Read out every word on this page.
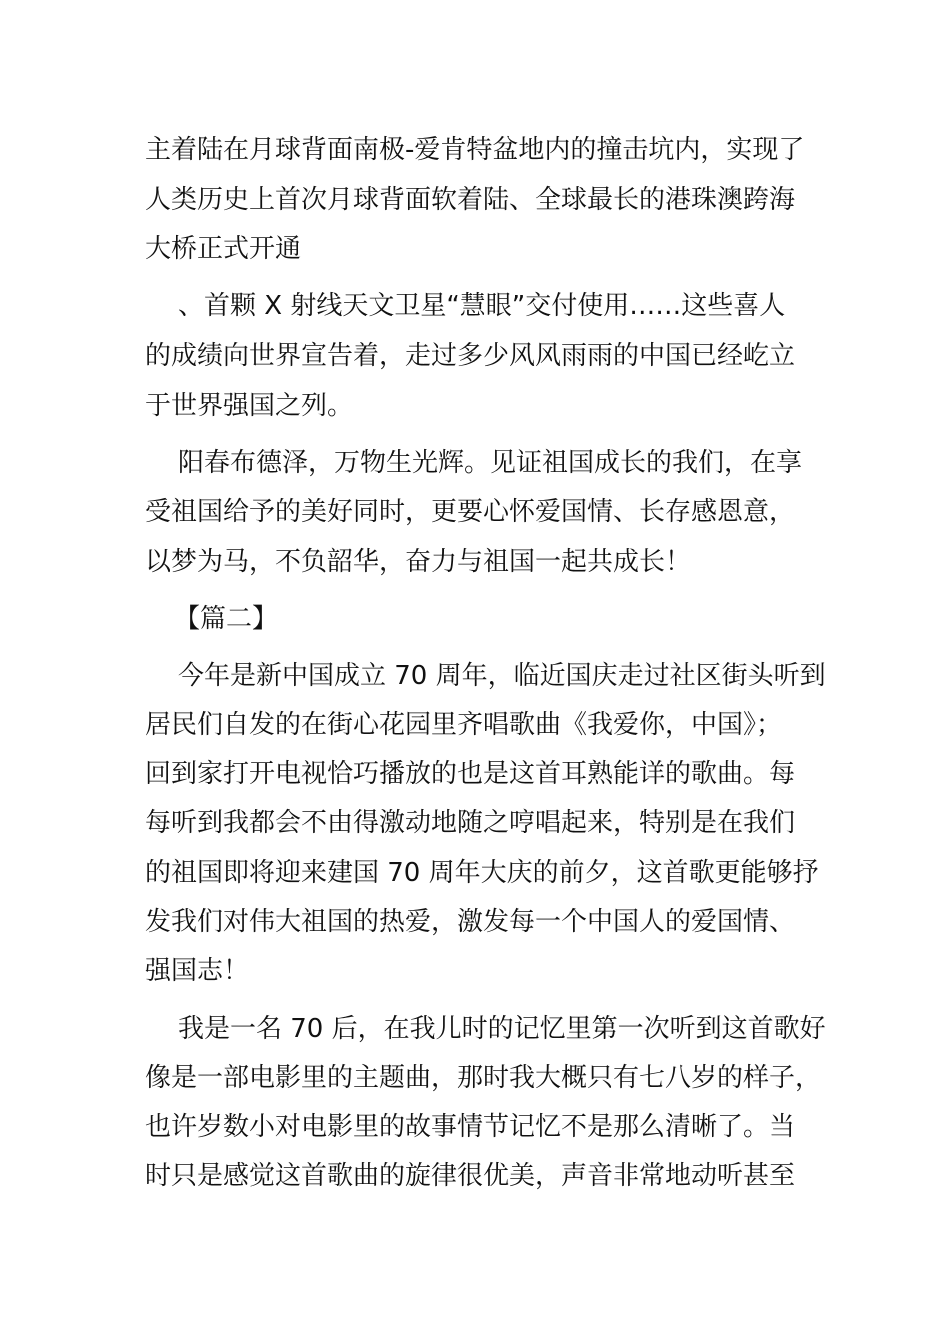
主着陆在月球背面南极-爱肯特盆地内的撞击坑内，实现了
人类历史上首次月球背面软着陆、全球最长的港珠澳跨海
大桥正式开通
、首颗 X 射线天文卫星“慧眼”交付使用……这些喜人
的成绩向世界宣告着，走过多少风风雨雨的中国已经屹立
于世界强国之列。
阳春布德泽，万物生光辉。见证祖国成长的我们，在享
受祖国给予的美好同时，更要心怀爱国情、长存感恩意，
以梦为马，不负韶华，奋力与祖国一起共成长！
【篇二】
今年是新中国成立 70 周年，临近国庆走过社区街头听到
居民们自发的在街心花园里齐唱歌曲《我爱你，中国》；
回到家打开电视恰巧播放的也是这首耳熟能详的歌曲。每
每听到我都会不由得激动地随之哼唱起来，特别是在我们
的祖国即将迎来建国 70 周年大庆的前夕，这首歌更能够抒
发我们对伟大祖国的热爱，激发每一个中国人的爱国情、
强国志！
我是一名 70 后，在我儿时的记忆里第一次听到这首歌好
像是一部电影里的主题曲，那时我大概只有七八岁的样子，
也许岁数小对电影里的故事情节记忆不是那么清晰了。当
时只是感觉这首歌曲的旋律很优美，声音非常地动听甚至
